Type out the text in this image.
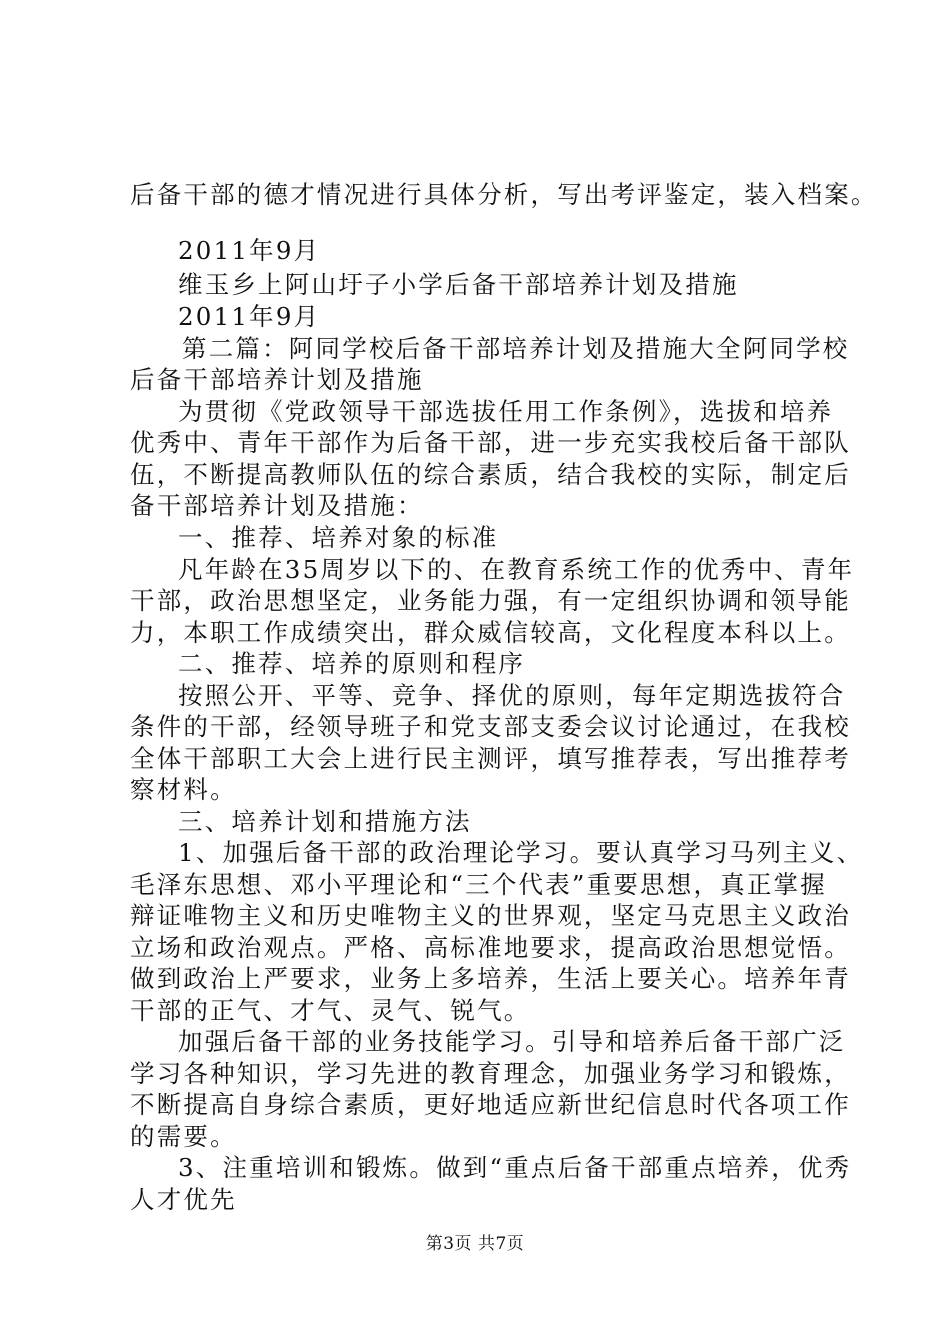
后备干部的德才情况进行具体分析，写出考评鉴定，装入档案。
2011年9月
维玉乡上阿山圩子小学后备干部培养计划及措施
2011年9月
第二篇：阿同学校后备干部培养计划及措施大全阿同学校
后备干部培养计划及措施
为贯彻《党政领导干部选拔任用工作条例》，选拔和培养
优秀中、青年干部作为后备干部，进一步充实我校后备干部队
伍，不断提高教师队伍的综合素质，结合我校的实际，制定后
备干部培养计划及措施：
一、推荐、培养对象的标准
凡年龄在35周岁以下的、在教育系统工作的优秀中、青年
干部，政治思想坚定，业务能力强，有一定组织协调和领导能
力，本职工作成绩突出，群众威信较高，文化程度本科以上。
二、推荐、培养的原则和程序
按照公开、平等、竞争、择优的原则，每年定期选拔符合
条件的干部，经领导班子和党支部支委会议讨论通过，在我校
全体干部职工大会上进行民主测评，填写推荐表，写出推荐考
察材料。
三、培养计划和措施方法
1、加强后备干部的政治理论学习。要认真学习马列主义、
毛泽东思想、邓小平理论和“三个代表”重要思想，真正掌握
辩证唯物主义和历史唯物主义的世界观，坚定马克思主义政治
立场和政治观点。严格、高标准地要求，提高政治思想觉悟。
做到政治上严要求，业务上多培养，生活上要关心。培养年青
干部的正气、才气、灵气、锐气。
加强后备干部的业务技能学习。引导和培养后备干部广泛
学习各种知识，学习先进的教育理念，加强业务学习和锻炼，
不断提高自身综合素质，更好地适应新世纪信息时代各项工作
的需要。
3、注重培训和锻炼。做到“重点后备干部重点培养，优秀
人才优先
第3页 共7页
